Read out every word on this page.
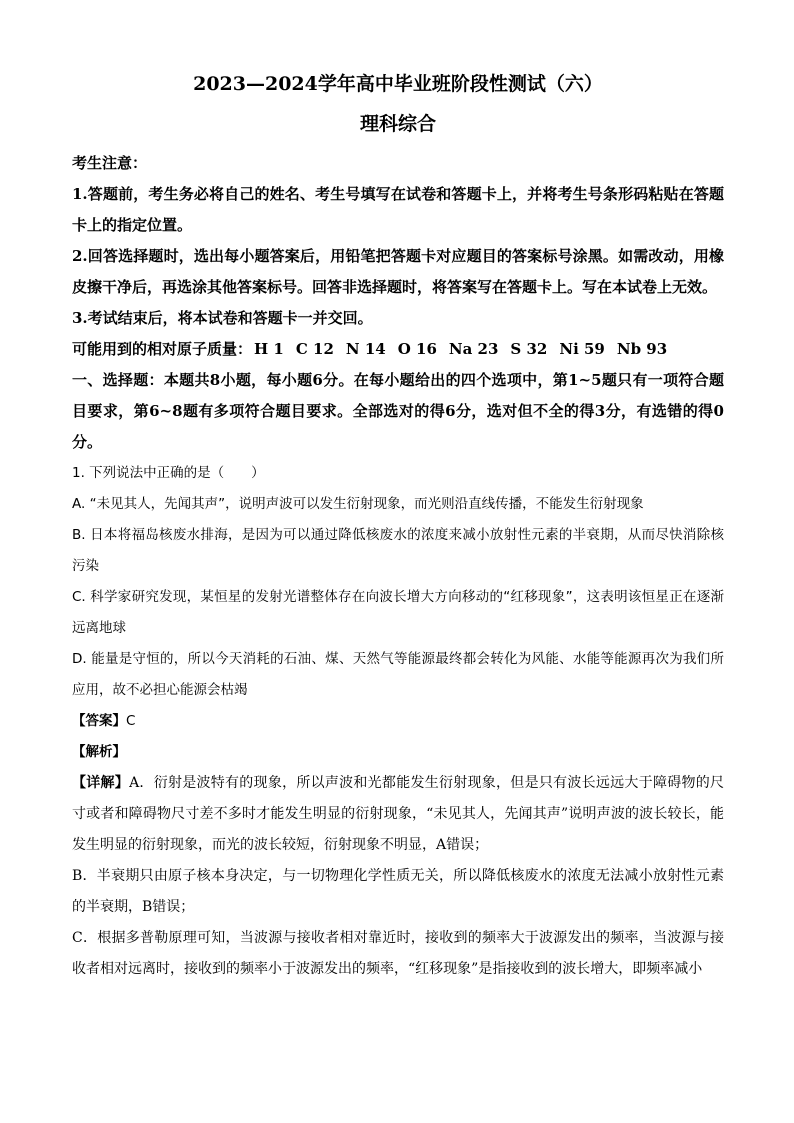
2023—2024学年高中毕业班阶段性测试（六）
理科综合

考生注意：

1.答题前，考生务必将自己的姓名、考生号填写在试卷和答题卡上，并将考生号条形码粘贴在答题卡上的指定位置。

2.回答选择题时，选出每小题答案后，用铅笔把答题卡对应题目的答案标号涂黑。如需改动，用橡皮擦干净后，再选涂其他答案标号。回答非选择题时，将答案写在答题卡上。写在本试卷上无效。

3.考试结束后，将本试卷和答题卡一并交回。

可能用到的相对原子质量： H 1 C 12 N 14 O 16 Na 23 S 32 Ni 59 Nb 93

一、选择题：本题共8小题，每小题6分。在每小题给出的四个选项中，第1~5题只有一项符合题目要求，第6~8题有多项符合题目要求。全部选对的得6分，选对但不全的得3分，有选错的得0分。

1. 下列说法中正确的是（　　）

A. “未见其人，先闻其声”，说明声波可以发生衍射现象，而光则沿直线传播，不能发生衍射现象

B. 日本将福岛核废水排海，是因为可以通过降低核废水的浓度来减小放射性元素的半衰期，从而尽快消除核污染

C. 科学家研究发现，某恒星的发射光谱整体存在向波长增大方向移动的“红移现象”，这表明该恒星正在逐渐远离地球

D. 能量是守恒的，所以今天消耗的石油、煤、天然气等能源最终都会转化为风能、水能等能源再次为我们所应用，故不必担心能源会枯竭

【答案】C

【解析】

【详解】A．衍射是波特有的现象，所以声波和光都能发生衍射现象，但是只有波长远远大于障碍物的尺寸或者和障碍物尺寸差不多时才能发生明显的衍射现象，“未见其人，先闻其声”说明声波的波长较长，能发生明显的衍射现象，而光的波长较短，衍射现象不明显，A错误；

B．半衰期只由原子核本身决定，与一切物理化学性质无关，所以降低核废水的浓度无法减小放射性元素的半衰期，B错误；

C．根据多普勒原理可知，当波源与接收者相对靠近时，接收到的频率大于波源发出的频率，当波源与接收者相对远离时，接收到的频率小于波源发出的频率，“红移现象”是指接收到的波长增大，即频率减小
